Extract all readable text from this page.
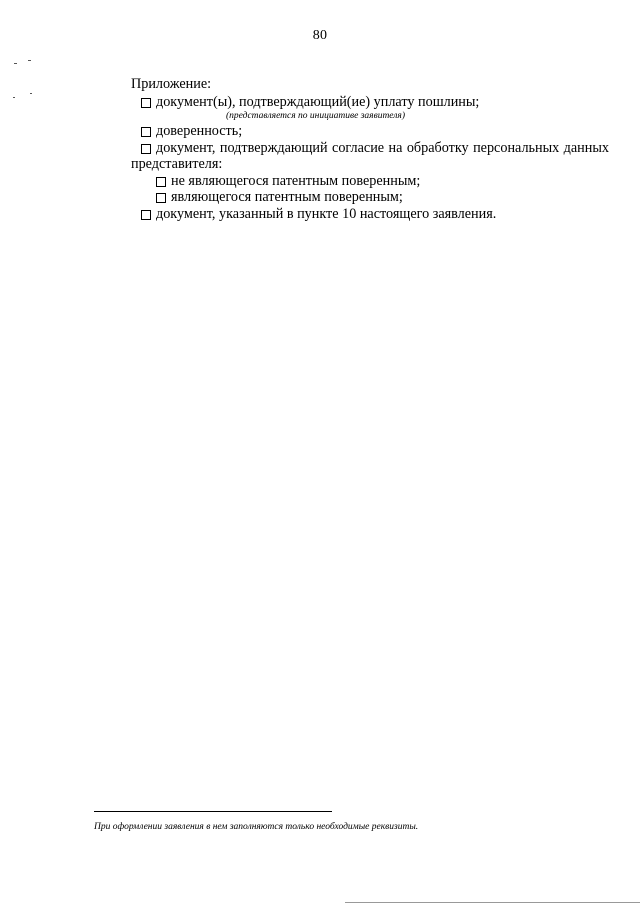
80
Приложение:
документ(ы), подтверждающий(ие) уплату пошлины;
(представляется по инициативе заявителя)
доверенность;
документ, подтверждающий согласие на обработку персональных данных
представителя:
не являющегося патентным поверенным;
являющегося патентным поверенным;
документ, указанный в пункте 10 настоящего заявления.
При оформлении заявления в нем заполняются только необходимые реквизиты.
